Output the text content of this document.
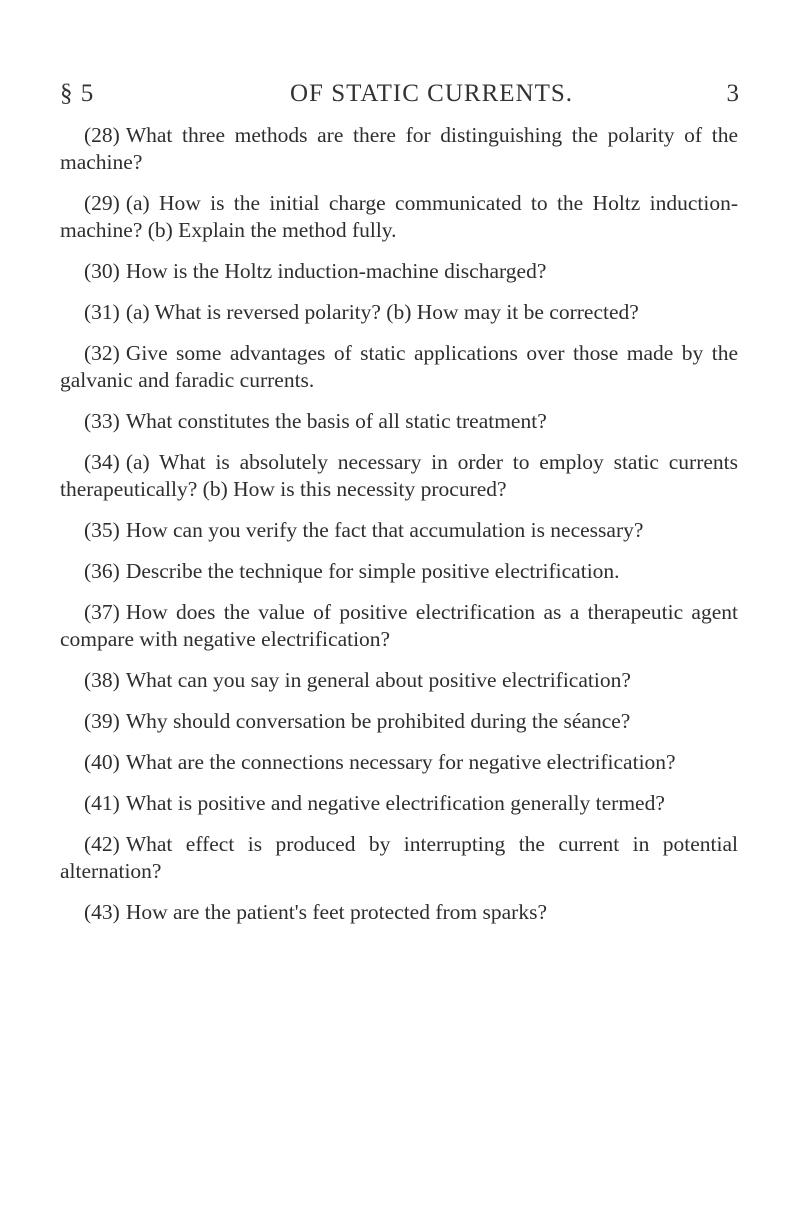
§ 5	OF STATIC CURRENTS.	3
(28) What three methods are there for distinguishing the polarity of the machine?
(29) (a) How is the initial charge communicated to the Holtz induction-machine? (b) Explain the method fully.
(30) How is the Holtz induction-machine discharged?
(31) (a) What is reversed polarity? (b) How may it be corrected?
(32) Give some advantages of static applications over those made by the galvanic and faradic currents.
(33) What constitutes the basis of all static treatment?
(34) (a) What is absolutely necessary in order to employ static currents therapeutically? (b) How is this necessity procured?
(35) How can you verify the fact that accumulation is necessary?
(36) Describe the technique for simple positive electrification.
(37) How does the value of positive electrification as a therapeutic agent compare with negative electrification?
(38) What can you say in general about positive electrification?
(39) Why should conversation be prohibited during the séance?
(40) What are the connections necessary for negative electrification?
(41) What is positive and negative electrification generally termed?
(42) What effect is produced by interrupting the current in potential alternation?
(43) How are the patient's feet protected from sparks?
